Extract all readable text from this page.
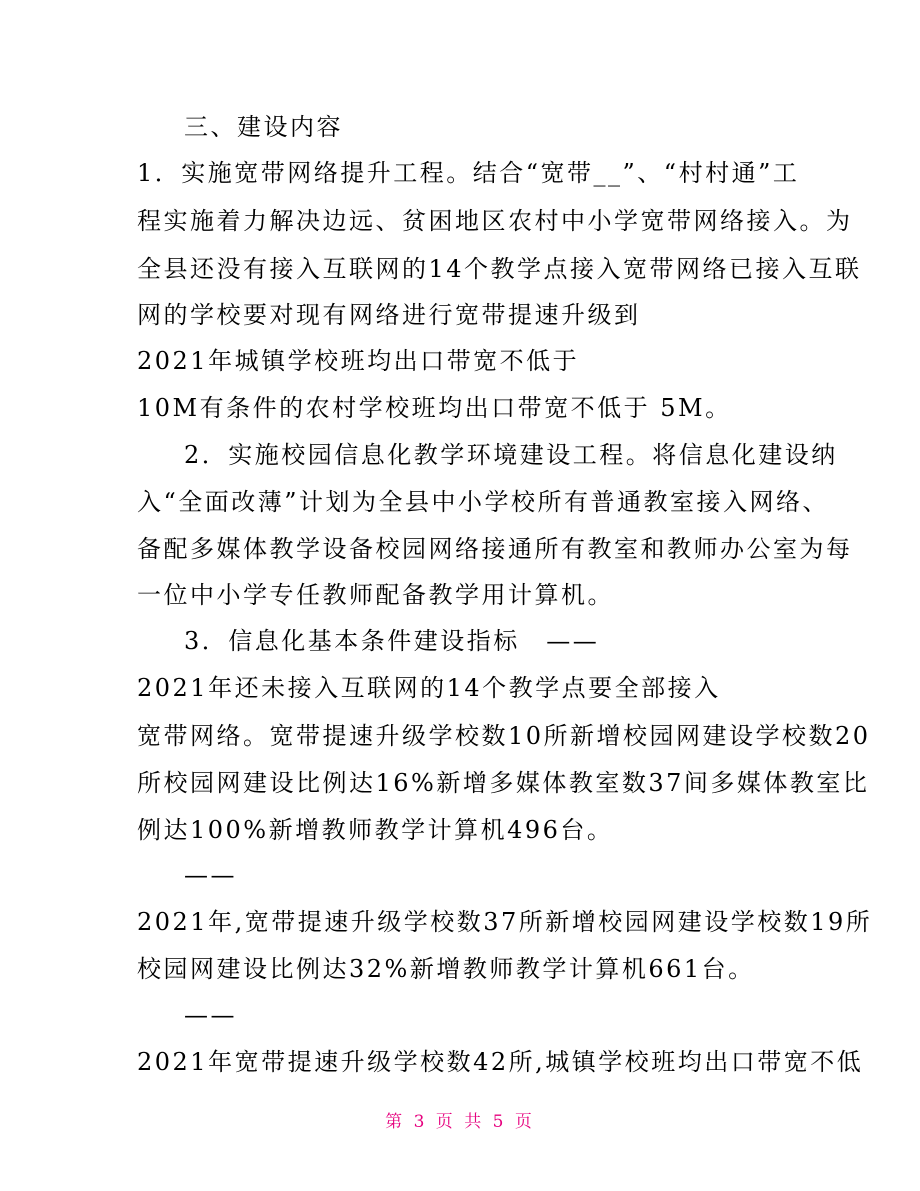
三、建设内容
1．实施宽带网络提升工程。结合“宽带__”、“村村通”工
程实施着力解决边远、贫困地区农村中小学宽带网络接入。为
全县还没有接入互联网的14个教学点接入宽带网络已接入互联
网的学校要对现有网络进行宽带提速升级到
2021年城镇学校班均出口带宽不低于
10M有条件的农村学校班均出口带宽不低于 5M。
2．实施校园信息化教学环境建设工程。将信息化建设纳
入“全面改薄”计划为全县中小学校所有普通教室接入网络、
备配多媒体教学设备校园网络接通所有教室和教师办公室为每
一位中小学专任教师配备教学用计算机。
3．信息化基本条件建设指标　——
2021年还未接入互联网的14个教学点要全部接入
宽带网络。宽带提速升级学校数10所新增校园网建设学校数20
所校园网建设比例达16%新增多媒体教室数37间多媒体教室比
例达100%新增教师教学计算机496台。
——
2021年,宽带提速升级学校数37所新增校园网建设学校数19所
校园网建设比例达32%新增教师教学计算机661台。
——
2021年宽带提速升级学校数42所,城镇学校班均出口带宽不低
第 3 页 共 5 页
